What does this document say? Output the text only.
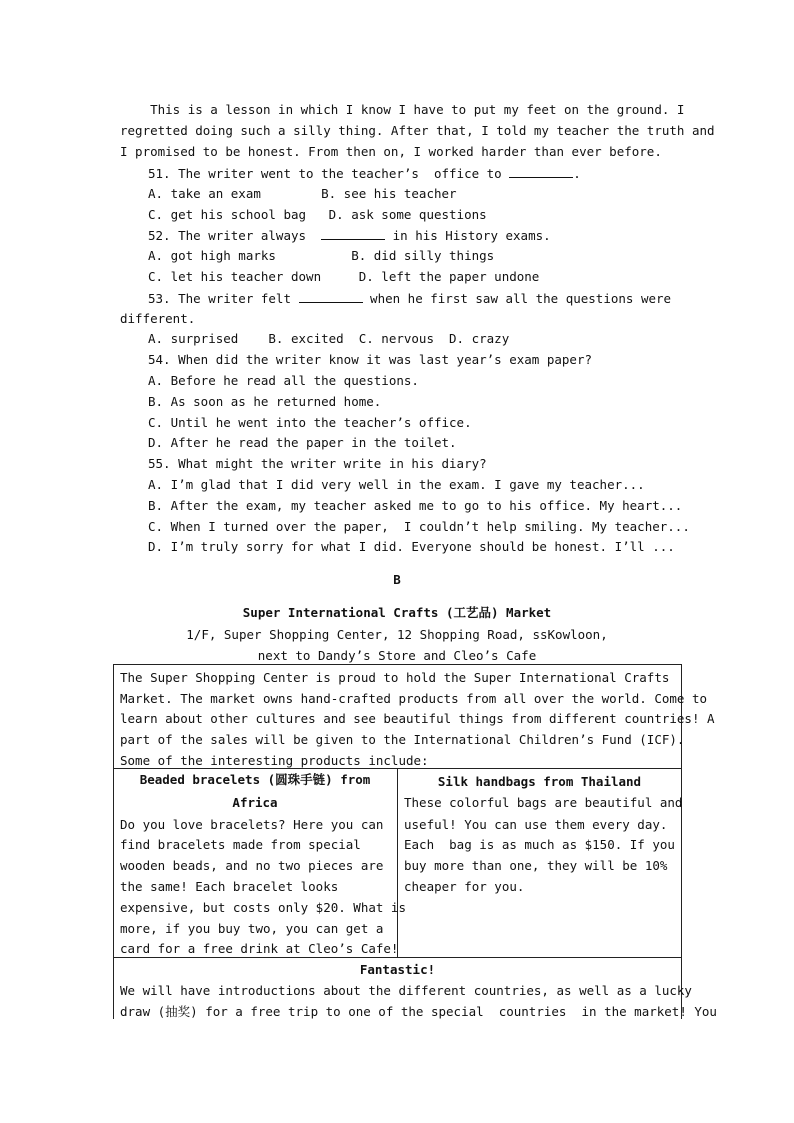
This is a lesson in which I know I have to put my feet on the ground. I
regretted doing such a silly thing. After that, I told my teacher the truth and
I promised to be honest. From then on, I worked harder than ever before.
51. The writer went to the teacher’s  office to	.
A. take an exam        B. see his teacher
C. get his school bag   D. ask some questions
52. The writer always	in his History exams.
A. got high marks          B. did silly things
C. let his teacher down     D. left the paper undone
53. The writer felt	when he first saw all the questions were
different.
A. surprised    B. excited  C. nervous  D. crazy
54. When did the writer know it was last year’s exam paper?
A. Before he read all the questions.
B. As soon as he returned home.
C. Until he went into the teacher’s office.
D. After he read the paper in the toilet.
55. What might the writer write in his diary?
A. I’m glad that I did very well in the exam. I gave my teacher...
B. After the exam, my teacher asked me to go to his office. My heart...
C. When I turned over the paper,  I couldn’t help smiling. My teacher...
D. I’m truly sorry for what I did. Everyone should be honest. I’ll ...
B
Super International Crafts (工艺品) Market
1/F, Super Shopping Center, 12 Shopping Road, ssKowloon,
next to Dandy’s Store and Cleo’s Cafe
The Super Shopping Center is proud to hold the Super International Crafts
Market. The market owns hand-crafted products from all over the world. Come to
learn about other cultures and see beautiful things from different countries! A
part of the sales will be given to the International Children’s Fund (ICF).
Some of the interesting products include:
Beaded bracelets (圆珠手链) from
Africa
Do you love bracelets? Here you can
find bracelets made from special
wooden beads, and no two pieces are
the same! Each bracelet looks
expensive, but costs only $20. What is
more, if you buy two, you can get a
card for a free drink at Cleo’s Cafe!
Silk handbags from Thailand
These colorful bags are beautiful and
useful! You can use them every day.
Each  bag is as much as $150. If you
buy more than one, they will be 10%
cheaper for you.
Fantastic!
We will have introductions about the different countries, as well as a lucky
draw (抽奖) for a free trip to one of the special  countries  in the market! You
